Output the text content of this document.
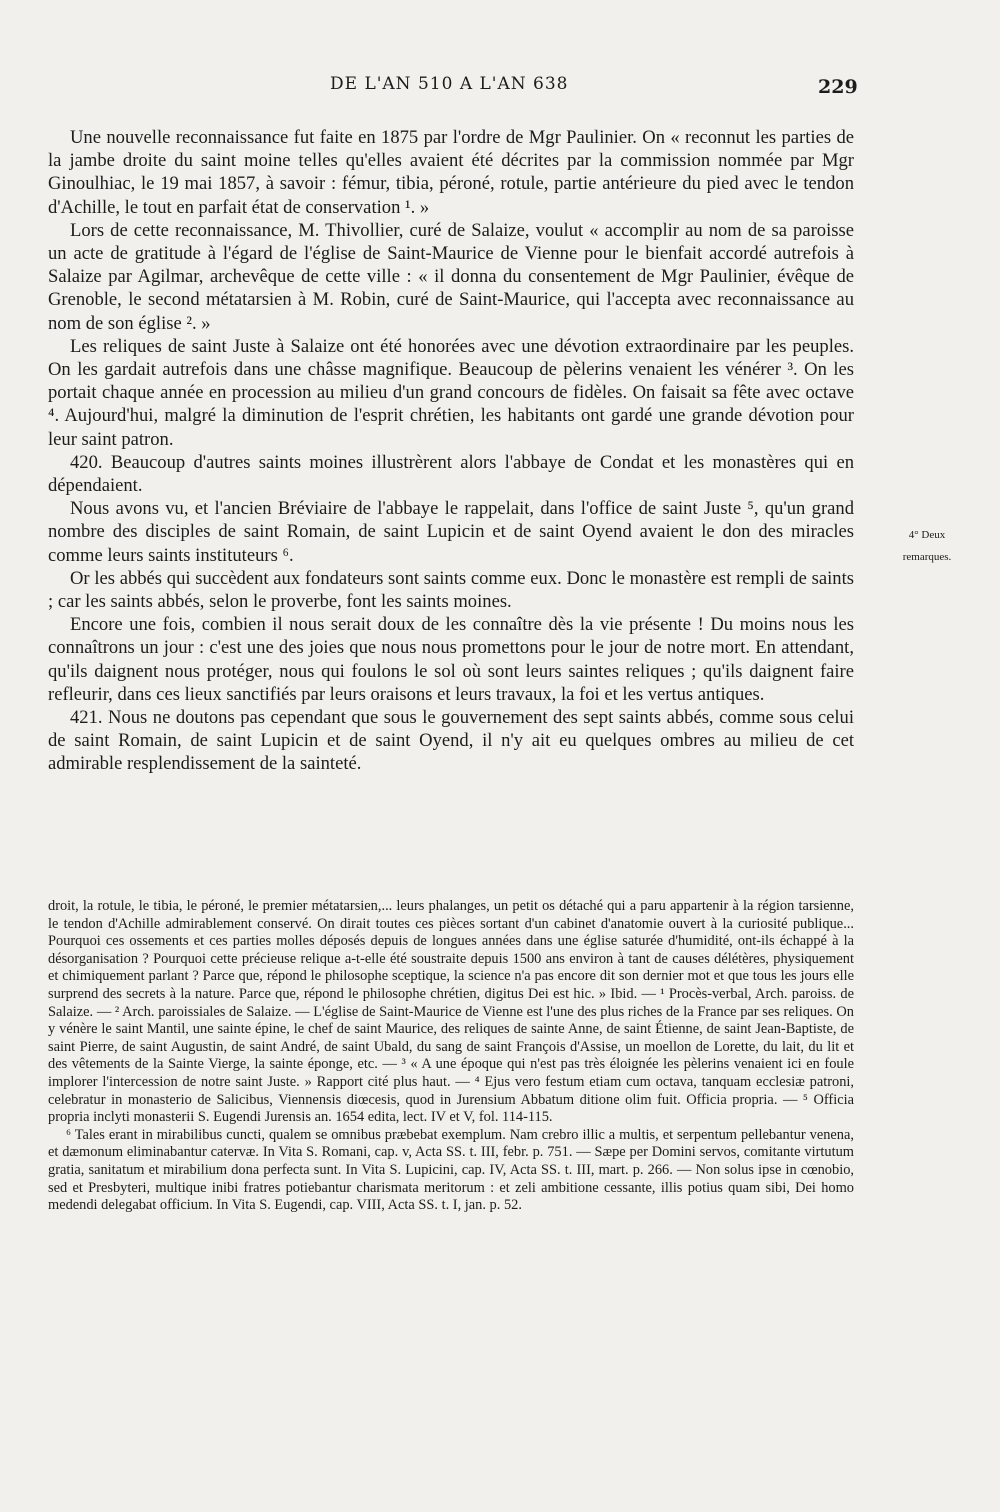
DE L'AN 510 A L'AN 638	229

Une nouvelle reconnaissance fut faite en 1875 par l'ordre de Mgr Paulinier. On « reconnut les parties de la jambe droite du saint moine telles qu'elles avaient été décrites par la commission nommée par Mgr Ginoulhiac, le 19 mai 1857, à savoir : fémur, tibia, péroné, rotule, partie antérieure du pied avec le tendon d'Achille, le tout en parfait état de conservation ¹. »

Lors de cette reconnaissance, M. Thivollier, curé de Salaize, voulut « accomplir au nom de sa paroisse un acte de gratitude à l'égard de l'église de Saint-Maurice de Vienne pour le bienfait accordé autrefois à Salaize par Agilmar, archevêque de cette ville : « il donna du consentement de Mgr Paulinier, évêque de Grenoble, le second métatarsien à M. Robin, curé de Saint-Maurice, qui l'accepta avec reconnaissance au nom de son église ². »

Les reliques de saint Juste à Salaize ont été honorées avec une dévotion extraordinaire par les peuples. On les gardait autrefois dans une châsse magnifique. Beaucoup de pèlerins venaient les vénérer ³. On les portait chaque année en procession au milieu d'un grand concours de fidèles. On faisait sa fête avec octave ⁴. Aujourd'hui, malgré la diminution de l'esprit chrétien, les habitants ont gardé une grande dévotion pour leur saint patron.

420. Beaucoup d'autres saints moines illustrèrent alors l'abbaye de Condat et les monastères qui en dépendaient.

Nous avons vu, et l'ancien Bréviaire de l'abbaye le rappelait, dans l'office de saint Juste ⁵, qu'un grand nombre des disciples de saint Romain, de saint Lupicin et de saint Oyend avaient le don des miracles comme leurs saints instituteurs ⁶.

Or les abbés qui succèdent aux fondateurs sont saints comme eux. Donc le monastère est rempli de saints ; car les saints abbés, selon le proverbe, font les saints moines.

Encore une fois, combien il nous serait doux de les connaître dès la vie présente ! Du moins nous les connaîtrons un jour : c'est une des joies que nous nous promettons pour le jour de notre mort. En attendant, qu'ils daignent nous protéger, nous qui foulons le sol où sont leurs saintes reliques ; qu'ils daignent faire refleurir, dans ces lieux sanctifiés par leurs oraisons et leurs travaux, la foi et les vertus antiques.

421. Nous ne doutons pas cependant que sous le gouvernement des sept saints abbés, comme sous celui de saint Romain, de saint Lupicin et de saint Oyend, il n'y ait eu quelques ombres au milieu de cet admirable resplendissement de la sainteté.

4° Deux
remarques.

droit, la rotule, le tibia, le péroné, le premier métatarsien,... leurs phalanges, un petit os détaché qui a paru appartenir à la région tarsienne, le tendon d'Achille admirablement conservé. On dirait toutes ces pièces sortant d'un cabinet d'anatomie ouvert à la curiosité publique... Pourquoi ces ossements et ces parties molles déposés depuis de longues années dans une église saturée d'humidité, ont-ils échappé à la désorganisation ? Pourquoi cette précieuse relique a-t-elle été soustraite depuis 1500 ans environ à tant de causes délétères, physiquement et chimiquement parlant ? Parce que, répond le philosophe sceptique, la science n'a pas encore dit son dernier mot et que tous les jours elle surprend des secrets à la nature. Parce que, répond le philosophe chrétien, digitus Dei est hic. » Ibid. — ¹ Procès-verbal, Arch. paroiss. de Salaize. — ² Arch. paroissiales de Salaize. — L'église de Saint-Maurice de Vienne est l'une des plus riches de la France par ses reliques. On y vénère le saint Mantil, une sainte épine, le chef de saint Maurice, des reliques de sainte Anne, de saint Étienne, de saint Jean-Baptiste, de saint Pierre, de saint Augustin, de saint André, de saint Ubald, du sang de saint François d'Assise, un moellon de Lorette, du lait, du lit et des vêtements de la Sainte Vierge, la sainte éponge, etc. — ³ « A une époque qui n'est pas très éloignée les pèlerins venaient ici en foule implorer l'intercession de notre saint Juste. » Rapport cité plus haut. — ⁴ Ejus vero festum etiam cum octava, tanquam ecclesiæ patroni, celebratur in monasterio de Salicibus, Viennensis diœcesis, quod in Jurensium Abbatum ditione olim fuit. Officia propria. — ⁵ Officia propria inclyti monasterii S. Eugendi Jurensis an. 1654 edita, lect. IV et V, fol. 114-115.

⁶ Tales erant in mirabilibus cuncti, qualem se omnibus præbebat exemplum. Nam crebro illic a multis, et serpentum pellebantur venena, et dæmonum eliminabantur catervæ. In Vita S. Romani, cap. v, Acta SS. t. III, febr. p. 751. — Sæpe per Domini servos, comitante virtutum gratia, sanitatum et mirabilium dona perfecta sunt. In Vita S. Lupicini, cap. IV, Acta SS. t. III, mart. p. 266. — Non solus ipse in cœnobio, sed et Presbyteri, multique inibi fratres potiebantur charismata meritorum : et zeli ambitione cessante, illis potius quam sibi, Dei homo medendi delegabat officium. In Vita S. Eugendi, cap. VIII, Acta SS. t. I, jan. p. 52.
